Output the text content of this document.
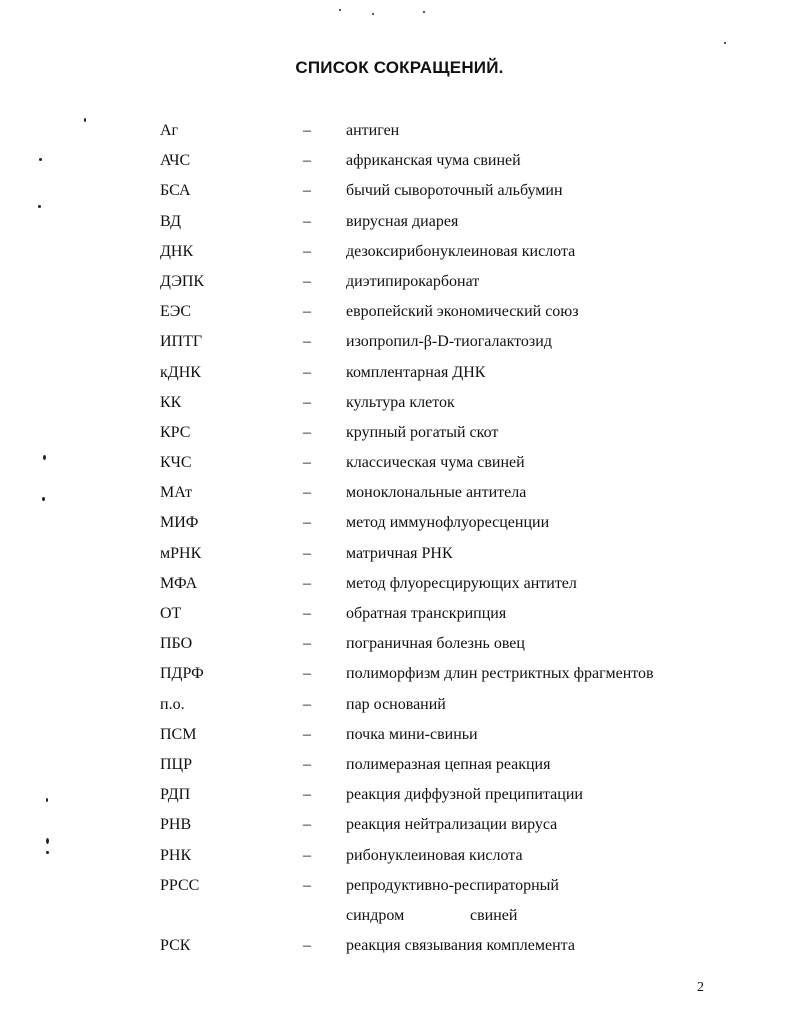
СПИСОК СОКРАЩЕНИЙ.
Аг	– антиген
АЧС	– африканская чума свиней
БСА	– бычий сывороточный альбумин
ВД	– вирусная диарея
ДНК	– дезоксирибонуклеиновая кислота
ДЭПК	– диэтипирокарбонат
ЕЭС	– европейский экономический союз
ИПТГ	– изопропил-β-D-тиогалактозид
кДНК	– комплентарная ДНК
КК	– культура клеток
КРС	– крупный рогатый скот
КЧС	– классическая чума свиней
МАт	– моноклональные антитела
МИФ	– метод иммунофлуоресценции
мРНК	– матричная РНК
МФА	– метод флуоресцирующих антител
ОТ	– обратная транскрипция
ПБО	– пограничная болезнь овец
ПДРФ	– полиморфизм длин рестриктных фрагментов
п.о.	– пар оснований
ПСМ	– почка мини-свиньи
ПЦР	– полимеразная цепная реакция
РДП	– реакция диффузной преципитации
РНВ	– реакция нейтрализации вируса
РНК	– рибонуклеиновая кислота
РРСС	– репродуктивно-респираторный
синдром	свиней
РСК	– реакция связывания комплемента
2
